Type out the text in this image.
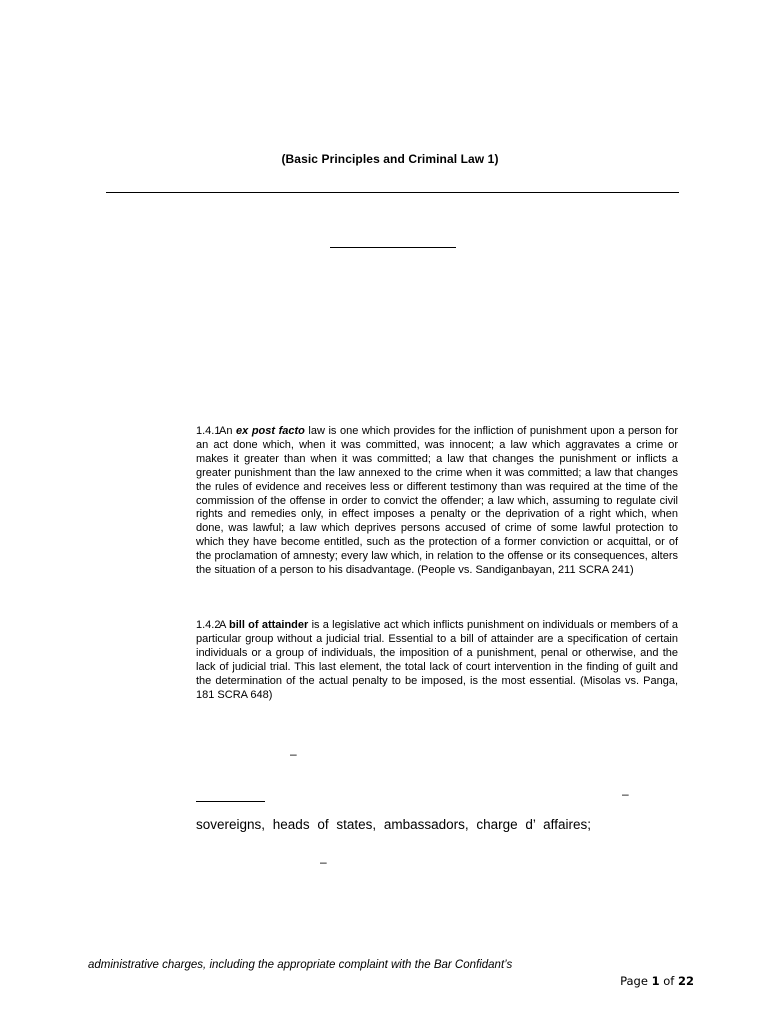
(Basic Principles and Criminal Law 1)
1.4.1
An ex post facto law is one which provides for the infliction of punishment upon a person for an act done which, when it was committed, was innocent; a law which aggravates a crime or makes it greater than when it was committed; a law that changes the punishment or inflicts a greater punishment than the law annexed to the crime when it was committed; a law that changes the rules of evidence and receives less or different testimony than was required at the time of the commission of the offense in order to convict the offender; a law which, assuming to regulate civil rights and remedies only, in effect imposes a penalty or the deprivation of a right which, when done, was lawful; a law which deprives persons accused of crime of some lawful protection to which they have become entitled, such as the protection of a former conviction or acquittal, or of the proclamation of amnesty; every law which, in relation to the offense or its consequences, alters the situation of a person to his disadvantage. (People vs. Sandiganbayan, 211 SCRA 241)
1.4.2
A bill of attainder is a legislative act which inflicts punishment on individuals or members of a particular group without a judicial trial. Essential to a bill of attainder are a specification of certain individuals or a group of individuals, the imposition of a punishment, penal or otherwise, and the lack of judicial trial. This last element, the total lack of court intervention in the finding of guilt and the determination of the actual penalty to be imposed, is the most essential. (Misolas vs. Panga, 181 SCRA 648)
–
–
sovereigns, heads of states, ambassadors, charge d’ affaires;
–
administrative charges, including the appropriate complaint with the Bar Confidant’s
Page 1 of 22
